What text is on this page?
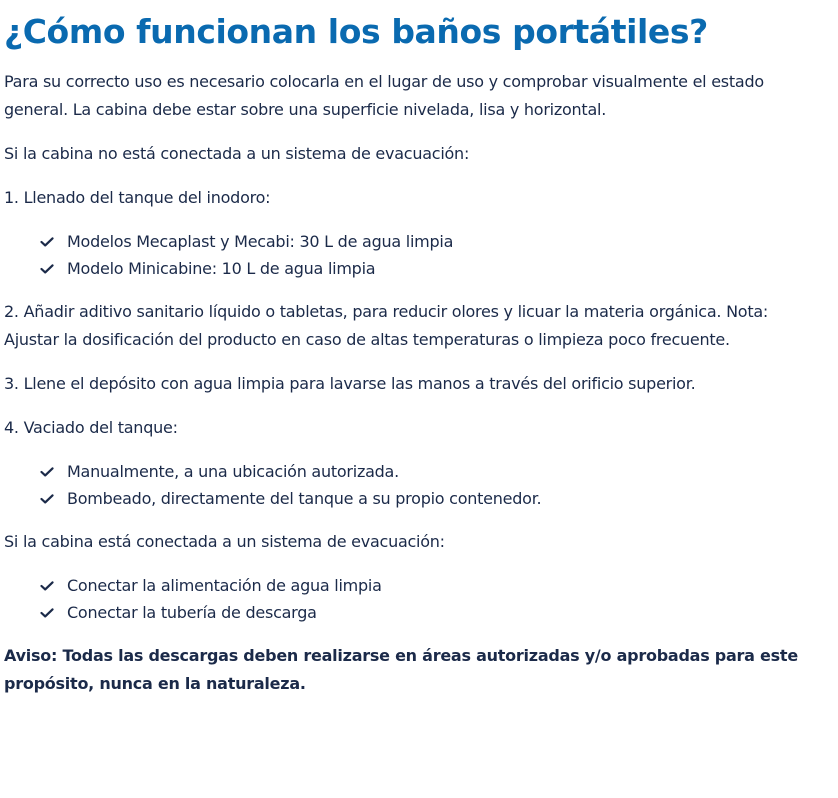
¿Cómo funcionan los baños portátiles?

Para su correcto uso es necesario colocarla en el lugar de uso y comprobar visualmente el estado general. La cabina debe estar sobre una superficie nivelada, lisa y horizontal.

Si la cabina no está conectada a un sistema de evacuación:

1. Llenado del tanque del inodoro:

Modelos Mecaplast y Mecabi: 30 L de agua limpia
Modelo Minicabine: 10 L de agua limpia

2. Añadir aditivo sanitario líquido o tabletas, para reducir olores y licuar la materia orgánica. Nota: Ajustar la dosificación del producto en caso de altas temperaturas o limpieza poco frecuente.

3. Llene el depósito con agua limpia para lavarse las manos a través del orificio superior.

4. Vaciado del tanque:

Manualmente, a una ubicación autorizada.
Bombeado, directamente del tanque a su propio contenedor.

Si la cabina está conectada a un sistema de evacuación:

Conectar la alimentación de agua limpia
Conectar la tubería de descarga

Aviso: Todas las descargas deben realizarse en áreas autorizadas y/o aprobadas para este propósito, nunca en la naturaleza.
